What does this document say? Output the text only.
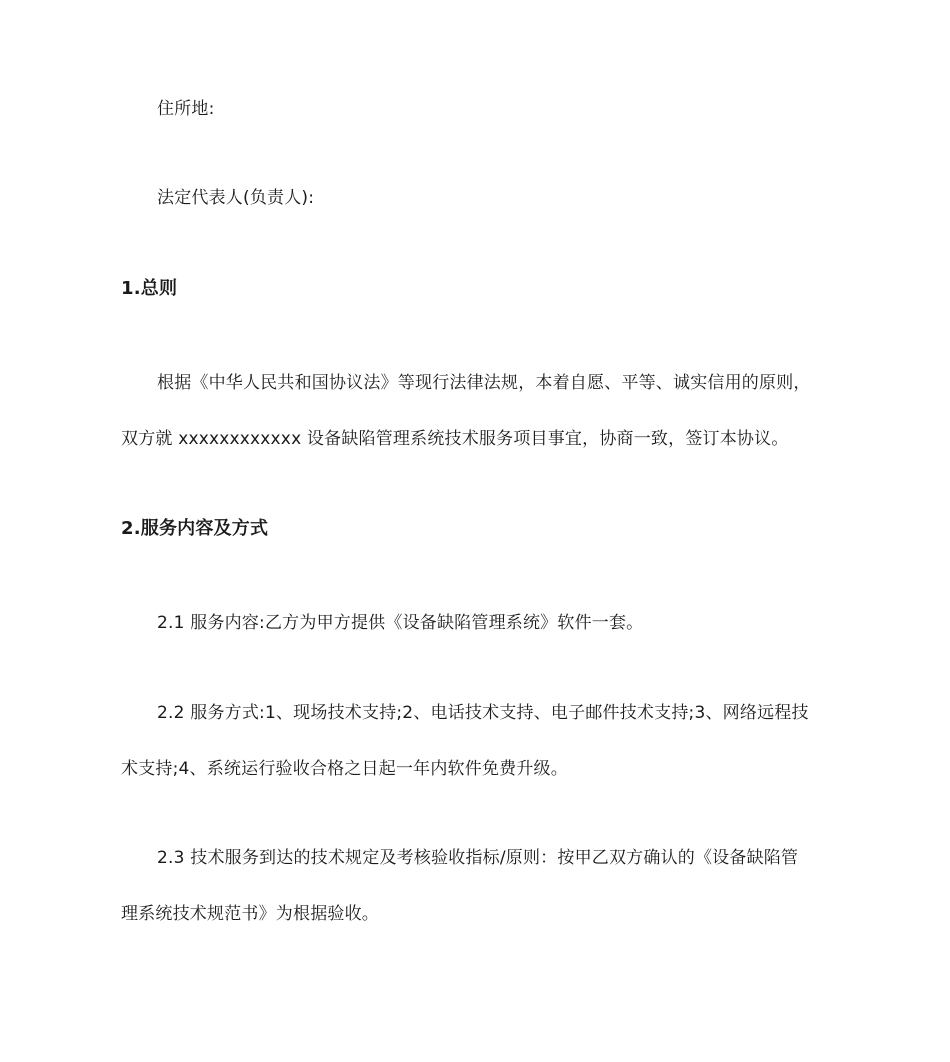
住所地:
法定代表人(负责人):
1.总则
根据《中华人民共和国协议法》等现行法律法规，本着自愿、平等、诚实信用的原则，
双方就 xxxxxxxxxxxx 设备缺陷管理系统技术服务项目事宜，协商一致，签订本协议。
2.服务内容及方式
2.1 服务内容:乙方为甲方提供《设备缺陷管理系统》软件一套。
2.2 服务方式:1、现场技术支持;2、电话技术支持、电子邮件技术支持;3、网络远程技
术支持;4、系统运行验收合格之日起一年内软件免费升级。
2.3 技术服务到达的技术规定及考核验收指标/原则：按甲乙双方确认的《设备缺陷管
理系统技术规范书》为根据验收。
